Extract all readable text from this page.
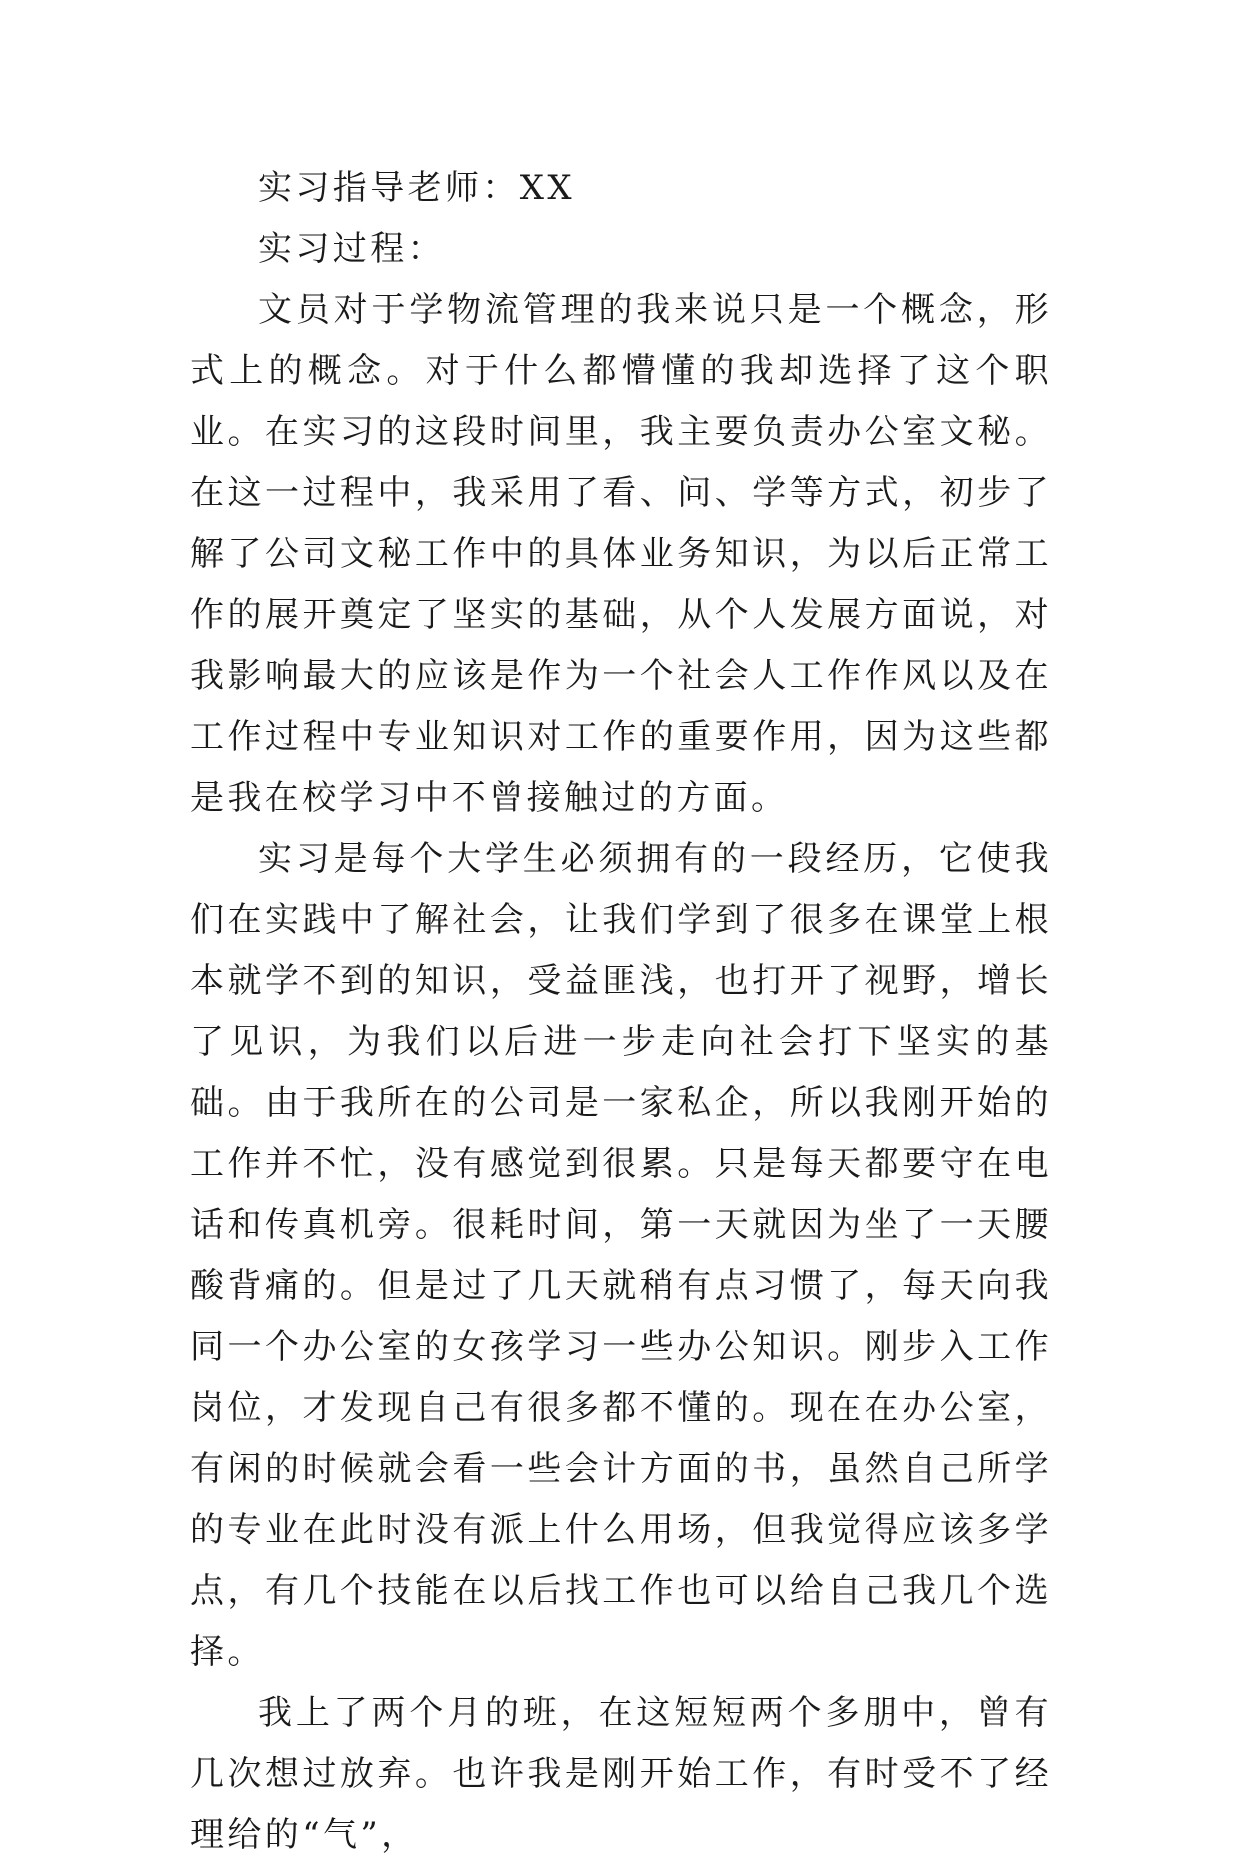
实习指导老师：XX

实习过程：

文员对于学物流管理的我来说只是一个概念，形式上的概念。对于什么都懵懂的我却选择了这个职业。在实习的这段时间里，我主要负责办公室文秘。在这一过程中，我采用了看、问、学等方式，初步了解了公司文秘工作中的具体业务知识，为以后正常工作的展开奠定了坚实的基础，从个人发展方面说，对我影响最大的应该是作为一个社会人工作作风以及在工作过程中专业知识对工作的重要作用，因为这些都是我在校学习中不曾接触过的方面。

实习是每个大学生必须拥有的一段经历，它使我们在实践中了解社会，让我们学到了很多在课堂上根本就学不到的知识，受益匪浅，也打开了视野，增长了见识，为我们以后进一步走向社会打下坚实的基础。由于我所在的公司是一家私企，所以我刚开始的工作并不忙，没有感觉到很累。只是每天都要守在电话和传真机旁。很耗时间，第一天就因为坐了一天腰酸背痛的。但是过了几天就稍有点习惯了，每天向我同一个办公室的女孩学习一些办公知识。刚步入工作岗位，才发现自己有很多都不懂的。现在在办公室，有闲的时候就会看一些会计方面的书，虽然自己所学的专业在此时没有派上什么用场，但我觉得应该多学点，有几个技能在以后找工作也可以给自己我几个选择。

我上了两个月的班，在这短短两个多朋中，曾有几次想过放弃。也许我是刚开始工作，有时受不了经理给的“气”，
